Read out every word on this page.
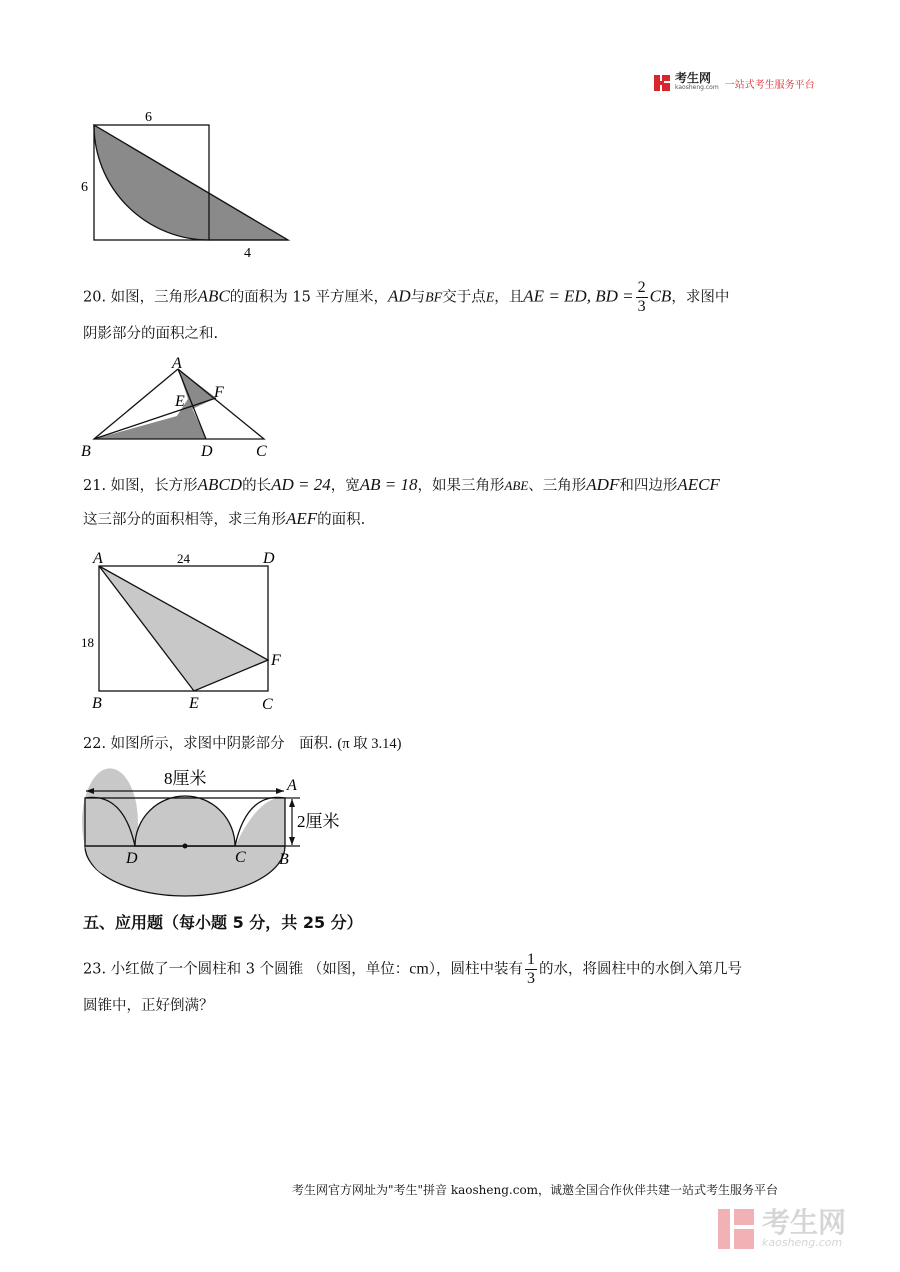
考生网
kaosheng.com 一站式考生服务平台
6
6
4
20. 如图，三角形ABC的面积为 15 平方厘米，AD与BF交于点E，且AE = ED, BD = $\frac{2}{3}$ CB，求图中
阴影部分的面积之和.
A
B	C
D
E
F
21. 如图，长方形ABCD的长AD = 24，宽AB = 18，如果三角形ABE、三角形ADF和四边形AECF
这三部分的面积相等，求三角形AEF的面积.
A	D
B	C
E
F
24
18
22. 如图所示，求图中阴影部分　面积. (π 取 3.14)
8厘米
2厘米
A
B
C
D
五、应用题（每小题 5 分，共 25 分）
23. 小红做了一个圆柱和 3 个圆锥 （如图，单位：cm），圆柱中装有 $\frac{1}{3}$ 的水，将圆柱中的水倒入第几号
圆锥中，正好倒满？
考生网官方网址为"考生"拼音 kaosheng.com，诚邀全国合作伙伴共建一站式考生服务平台
考生网
kaosheng.com
